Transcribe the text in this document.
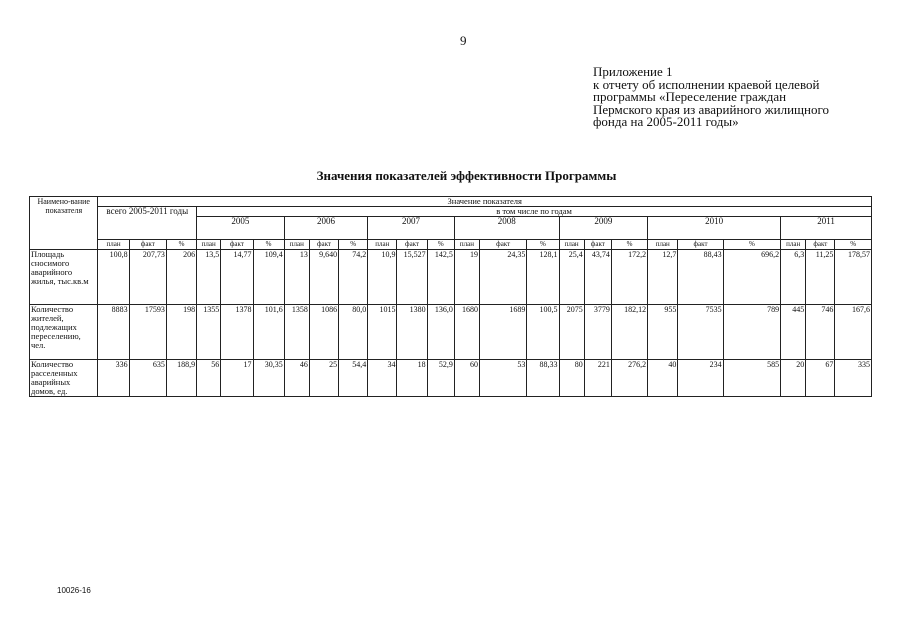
9
Приложение 1
к отчету об исполнении краевой целевой
программы «Переселение граждан
Пермского края из аварийного жилищного
фонда на 2005-2011 годы»
Значения показателей эффективности Программы
Наимено-вание показателя	Значение показателя																							
	всего 2005-2011 годы			в том числе по годам																				
				2005			2006			2007			2008			2009			2010			2011		
	план	факт	%	план	факт	%	план	факт	%	план	факт	%	план	факт	%	план	факт	%	план	факт	%	план	факт	%
Площадь сносимого аварийного жилья, тыс.кв.м	100,8	207,73	206	13,5	14,77	109,4	13	9,640	74,2	10,9	15,527	142,5	19	24,35	128,1	25,4	43,74	172,2	12,7	88,43	696,2	6,3	11,25	178,57
Количество жителей, подлежащих переселению, чел.	8883	17593	198	1355	1378	101,6	1358	1086	80,0	1015	1380	136,0	1680	1689	100,5	2075	3779	182,12	955	7535	789	445	746	167,6
Количество расселенных аварийных домов, ед.	336	635	188,9	56	17	30,35	46	25	54,4	34	18	52,9	60	53	88,33	80	221	276,2	40	234	585	20	67	335
10026-16
